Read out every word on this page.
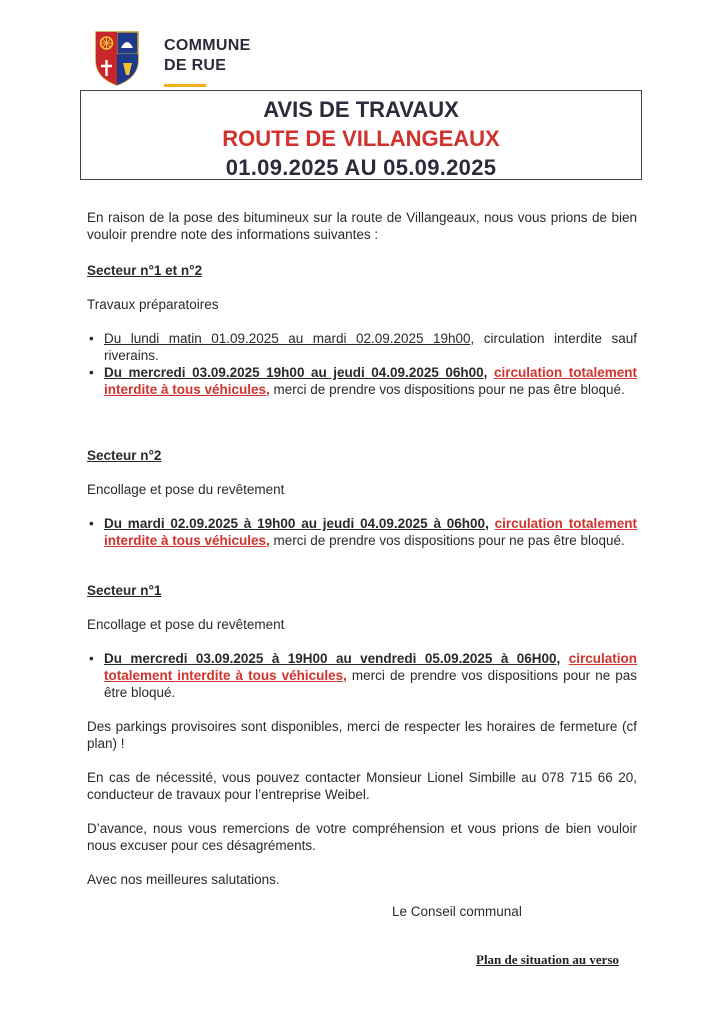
COMMUNE
DE RUE
AVIS DE TRAVAUX
ROUTE DE VILLANGEAUX
01.09.2025 AU 05.09.2025
En raison de la pose des bitumineux sur la route de Villangeaux, nous vous prions de bien vouloir prendre note des informations suivantes :
Secteur n°1 et n°2
Travaux préparatoires
• Du lundi matin 01.09.2025 au mardi 02.09.2025 19h00, circulation interdite sauf riverains.
• Du mercredi 03.09.2025 19h00 au jeudi 04.09.2025 06h00, circulation totalement interdite à tous véhicules, merci de prendre vos dispositions pour ne pas être bloqué.
Secteur n°2
Encollage et pose du revêtement
• Du mardi 02.09.2025 à 19h00 au jeudi 04.09.2025 à 06h00, circulation totalement interdite à tous véhicules, merci de prendre vos dispositions pour ne pas être bloqué.
Secteur n°1
Encollage et pose du revêtement
• Du mercredi 03.09.2025 à 19H00 au vendredi 05.09.2025 à 06H00, circulation totalement interdite à tous véhicules, merci de prendre vos dispositions pour ne pas être bloqué.
Des parkings provisoires sont disponibles, merci de respecter les horaires de fermeture (cf plan) !
En cas de nécessité, vous pouvez contacter Monsieur Lionel Simbille au 078 715 66 20, conducteur de travaux pour l’entreprise Weibel.
D’avance, nous vous remercions de votre compréhension et vous prions de bien vouloir nous excuser pour ces désagréments.
Avec nos meilleures salutations.
Le Conseil communal
Plan de situation au verso
